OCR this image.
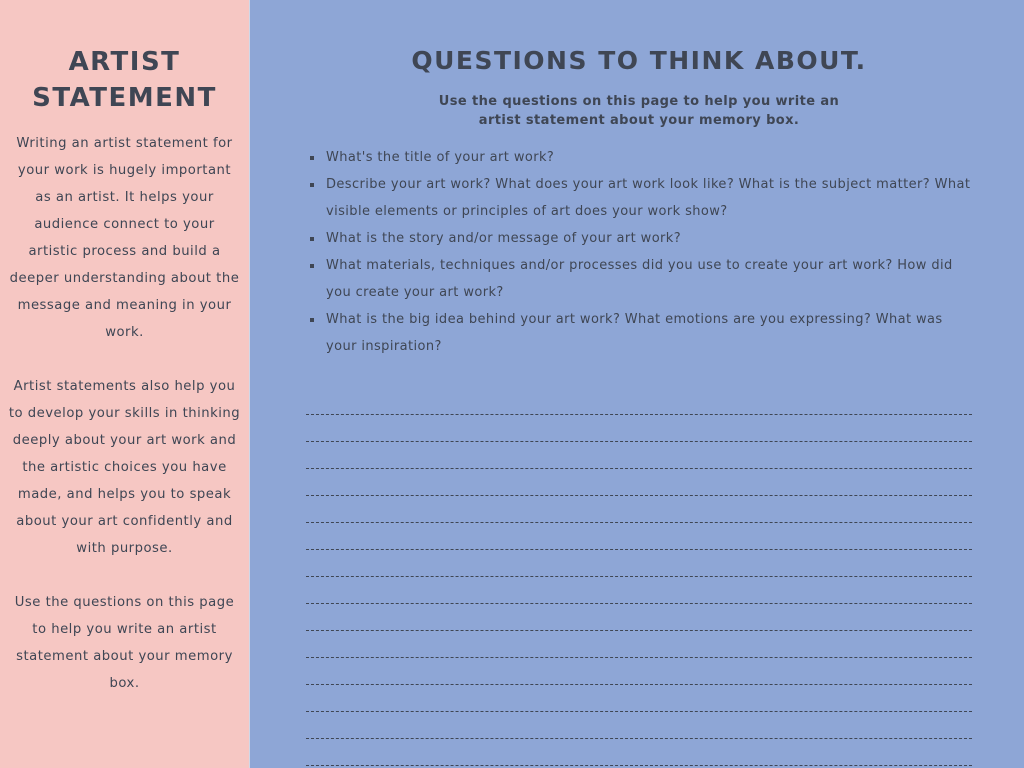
ARTIST
STATEMENT

Writing an artist statement for your work is hugely important as an artist. It helps your audience connect to your artistic process and build a deeper understanding about the message and meaning in your work.

Artist statements also help you to develop your skills in thinking deeply about your art work and the artistic choices you have made, and helps you to speak about your art confidently and with purpose.

Use the questions on this page to help you write an artist statement about your memory box.

QUESTIONS TO THINK ABOUT.
Use the questions on this page to help you write an
artist statement about your memory box.
What's the title of your art work?
Describe your art work? What does your art work look like? What is the subject matter? What visible elements or principles of art does your work show?
What is the story and/or message of your art work?
What materials, techniques and/or processes did you use to create your art work? How did you create your art work?
What is the big idea behind your art work? What emotions are you expressing? What was your inspiration?
